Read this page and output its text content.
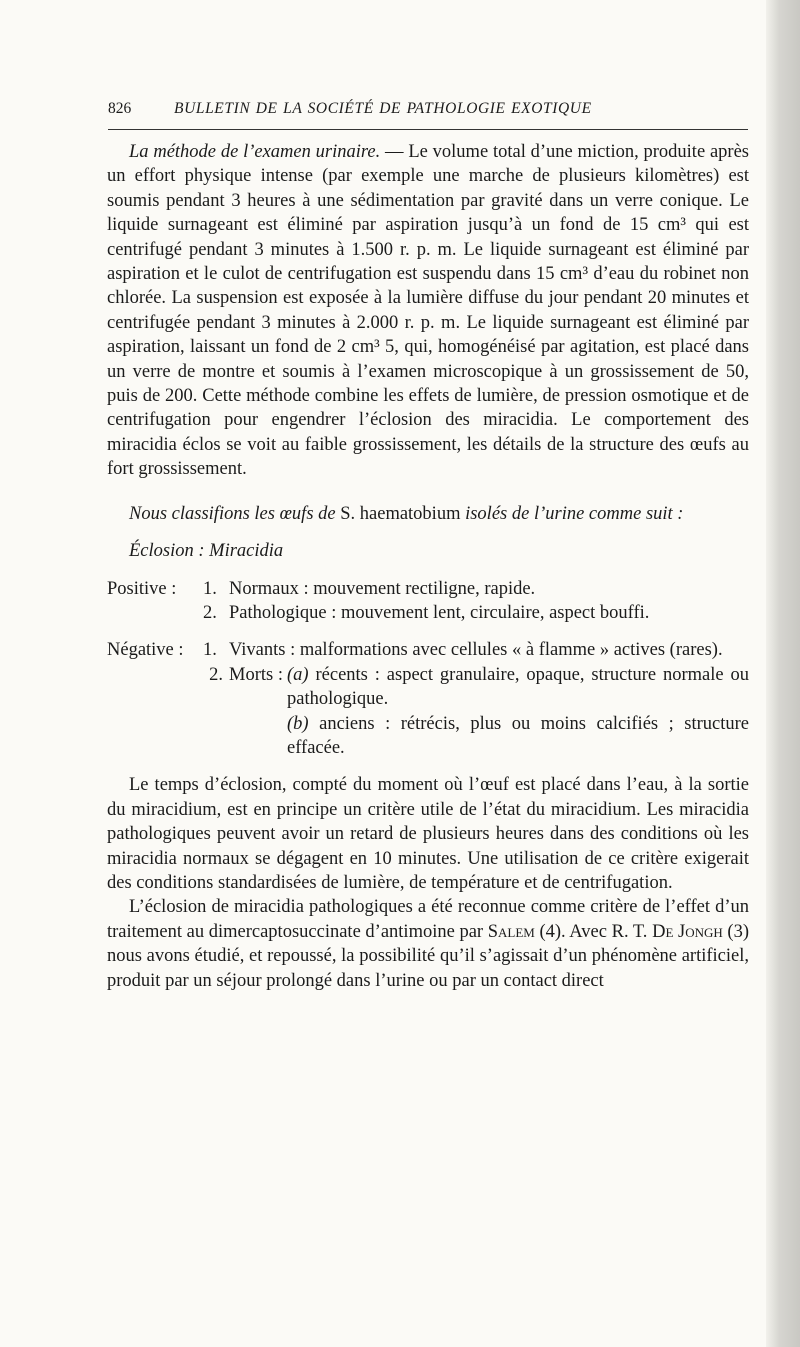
826	BULLETIN DE LA SOCIÉTÉ DE PATHOLOGIE EXOTIQUE

La méthode de l’examen urinaire. — Le volume total d’une miction, produite après un effort physique intense (par exemple une marche de plusieurs kilomètres) est soumis pendant 3 heures à une sédimentation par gravité dans un verre conique. Le liquide surnageant est éliminé par aspiration jusqu’à un fond de 15 cm³ qui est centrifugé pendant 3 minutes à 1.500 r. p. m. Le liquide surnageant est éliminé par aspiration et le culot de centrifugation est suspendu dans 15 cm³ d’eau du robinet non chlorée. La suspension est exposée à la lumière diffuse du jour pendant 20 minutes et centrifugée pendant 3 minutes à 2.000 r. p. m. Le liquide surnageant est éliminé par aspiration, laissant un fond de 2 cm³ 5, qui, homogénéisé par agitation, est placé dans un verre de montre et soumis à l’examen microscopique à un grossissement de 50, puis de 200. Cette méthode combine les effets de lumière, de pression osmotique et de centrifugation pour engendrer l’éclosion des miracidia. Le comportement des miracidia éclos se voit au faible grossissement, les détails de la structure des œufs au fort grossissement.

Nous classifions les œufs de S. haematobium isolés de l’urine comme suit :

Éclosion : Miracidia

Positive :	1. Normaux : mouvement rectiligne, rapide.
2. Pathologique : mouvement lent, circulaire, aspect bouffi.
Négative :	1. Vivants : malformations avec cellules « à flamme » actives (rares).
2. Morts : (a) récents : aspect granulaire, opaque, structure normale ou pathologique.
(b) anciens : rétrécis, plus ou moins calcifiés ; structure effacée.

Le temps d’éclosion, compté du moment où l’œuf est placé dans l’eau, à la sortie du miracidium, est en principe un critère utile de l’état du miracidium. Les miracidia pathologiques peuvent avoir un retard de plusieurs heures dans des conditions où les miracidia normaux se dégagent en 10 minutes. Une utilisation de ce critère exigerait des conditions standardisées de lumière, de température et de centrifugation.

L’éclosion de miracidia pathologiques a été reconnue comme critère de l’effet d’un traitement au dimercaptosuccinate d’antimoine par Salem (4). Avec R. T. De Jongh (3) nous avons étudié, et repoussé, la possibilité qu’il s’agissait d’un phénomène artificiel, produit par un séjour prolongé dans l’urine ou par un contact direct
